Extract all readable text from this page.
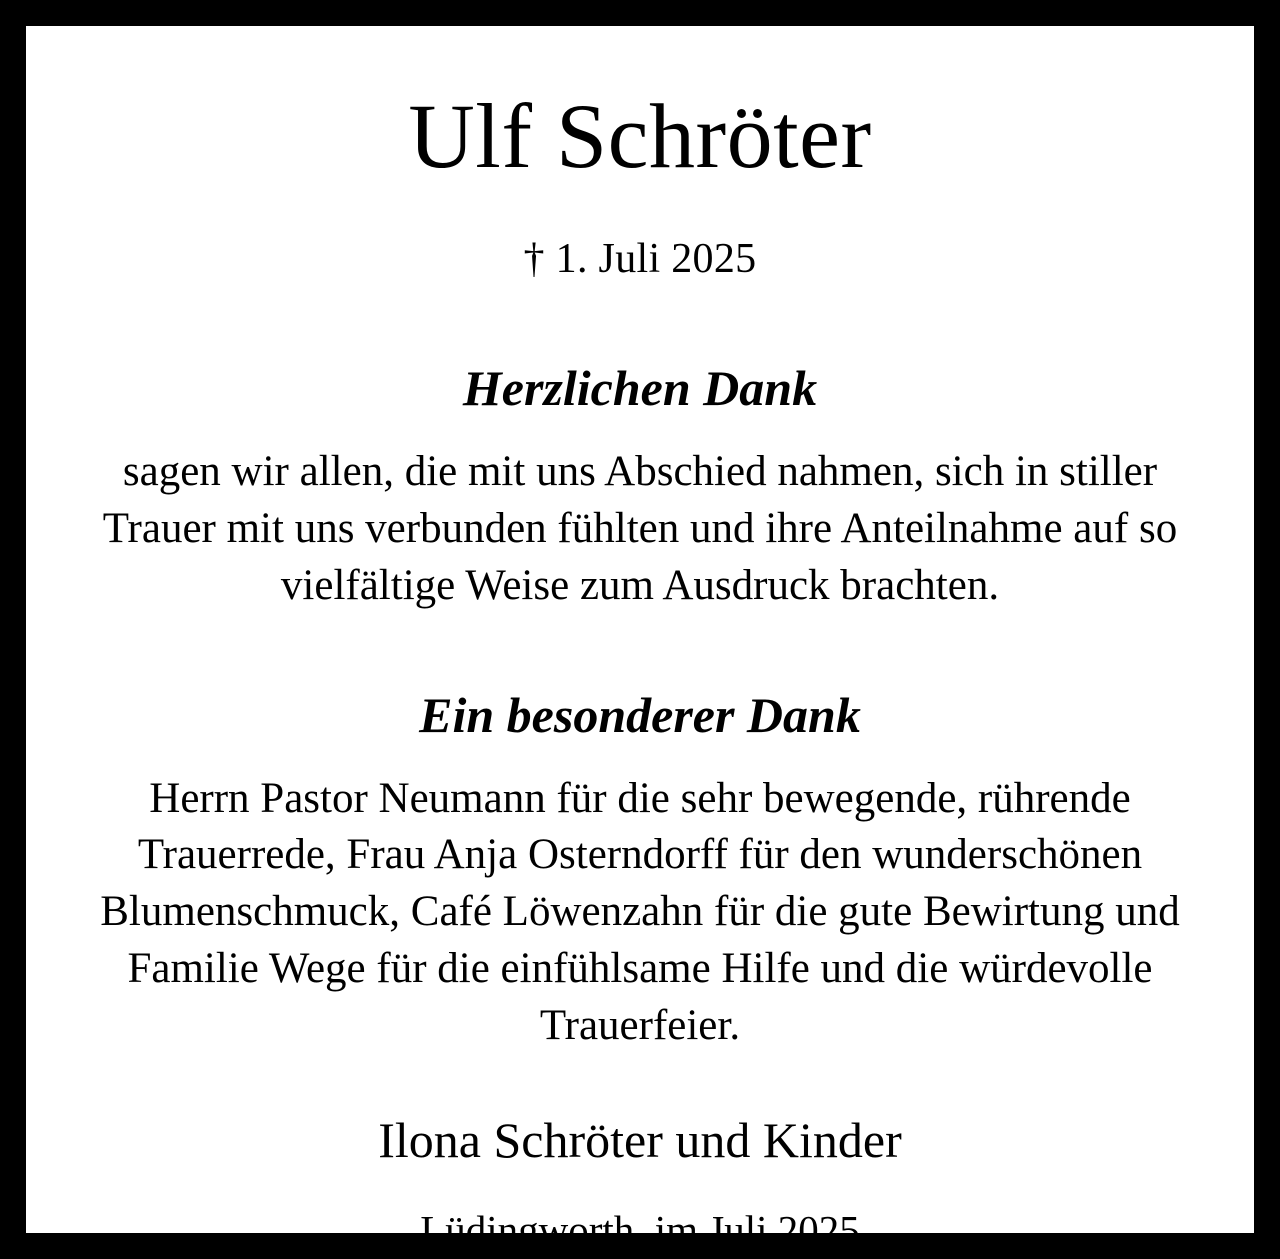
Ulf Schröter

† 1. Juli 2025

Herzlichen Dank

sagen wir allen, die mit uns Abschied nahmen, sich in stiller Trauer mit uns verbunden fühlten und ihre Anteilnahme auf so vielfältige Weise zum Ausdruck brachten.

Ein besonderer Dank

Herrn Pastor Neumann für die sehr bewegende, rührende Trauerrede, Frau Anja Osterndorff für den wunderschönen Blumenschmuck, Café Löwenzahn für die gute Bewirtung und Familie Wege für die einfühlsame Hilfe und die würdevolle Trauerfeier.

Ilona Schröter und Kinder

Lüdingworth, im Juli 2025
